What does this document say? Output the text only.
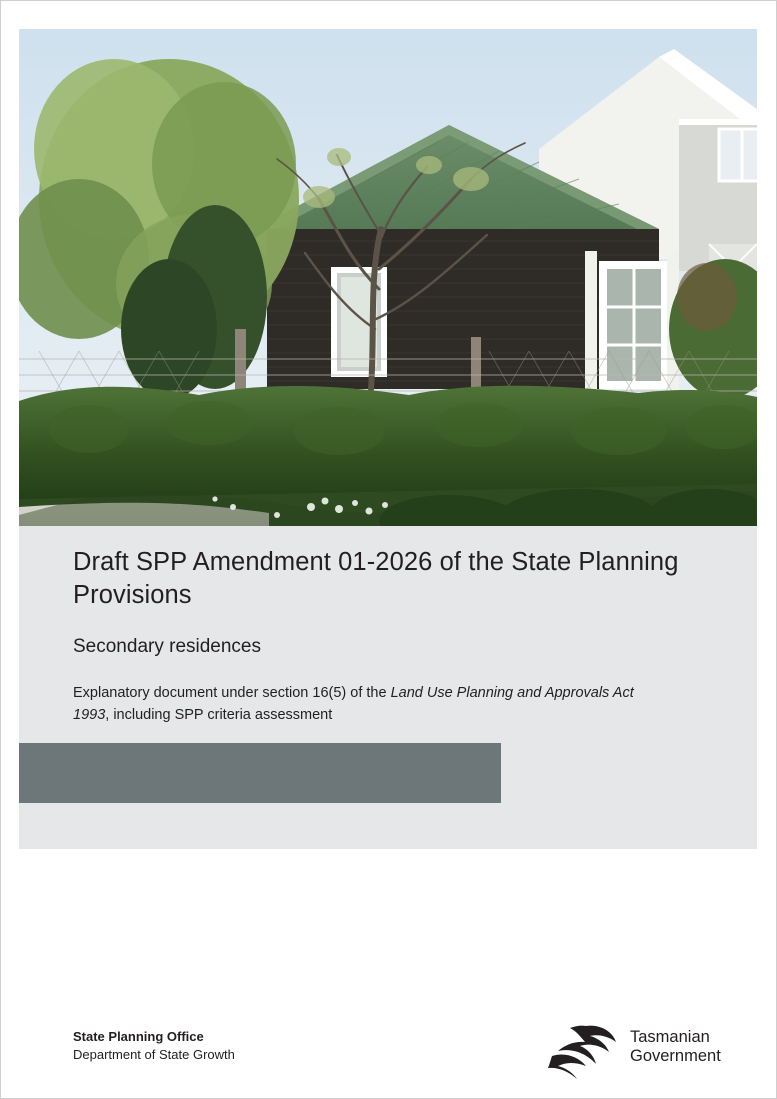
Draft SPP Amendment 01-2026 of the State Planning Provisions
Secondary residences

Explanatory document under section 16(5) of the Land Use Planning and Approvals Act 1993, including SPP criteria assessment

State Planning Office
Department of State Growth
Tasmanian
Government
